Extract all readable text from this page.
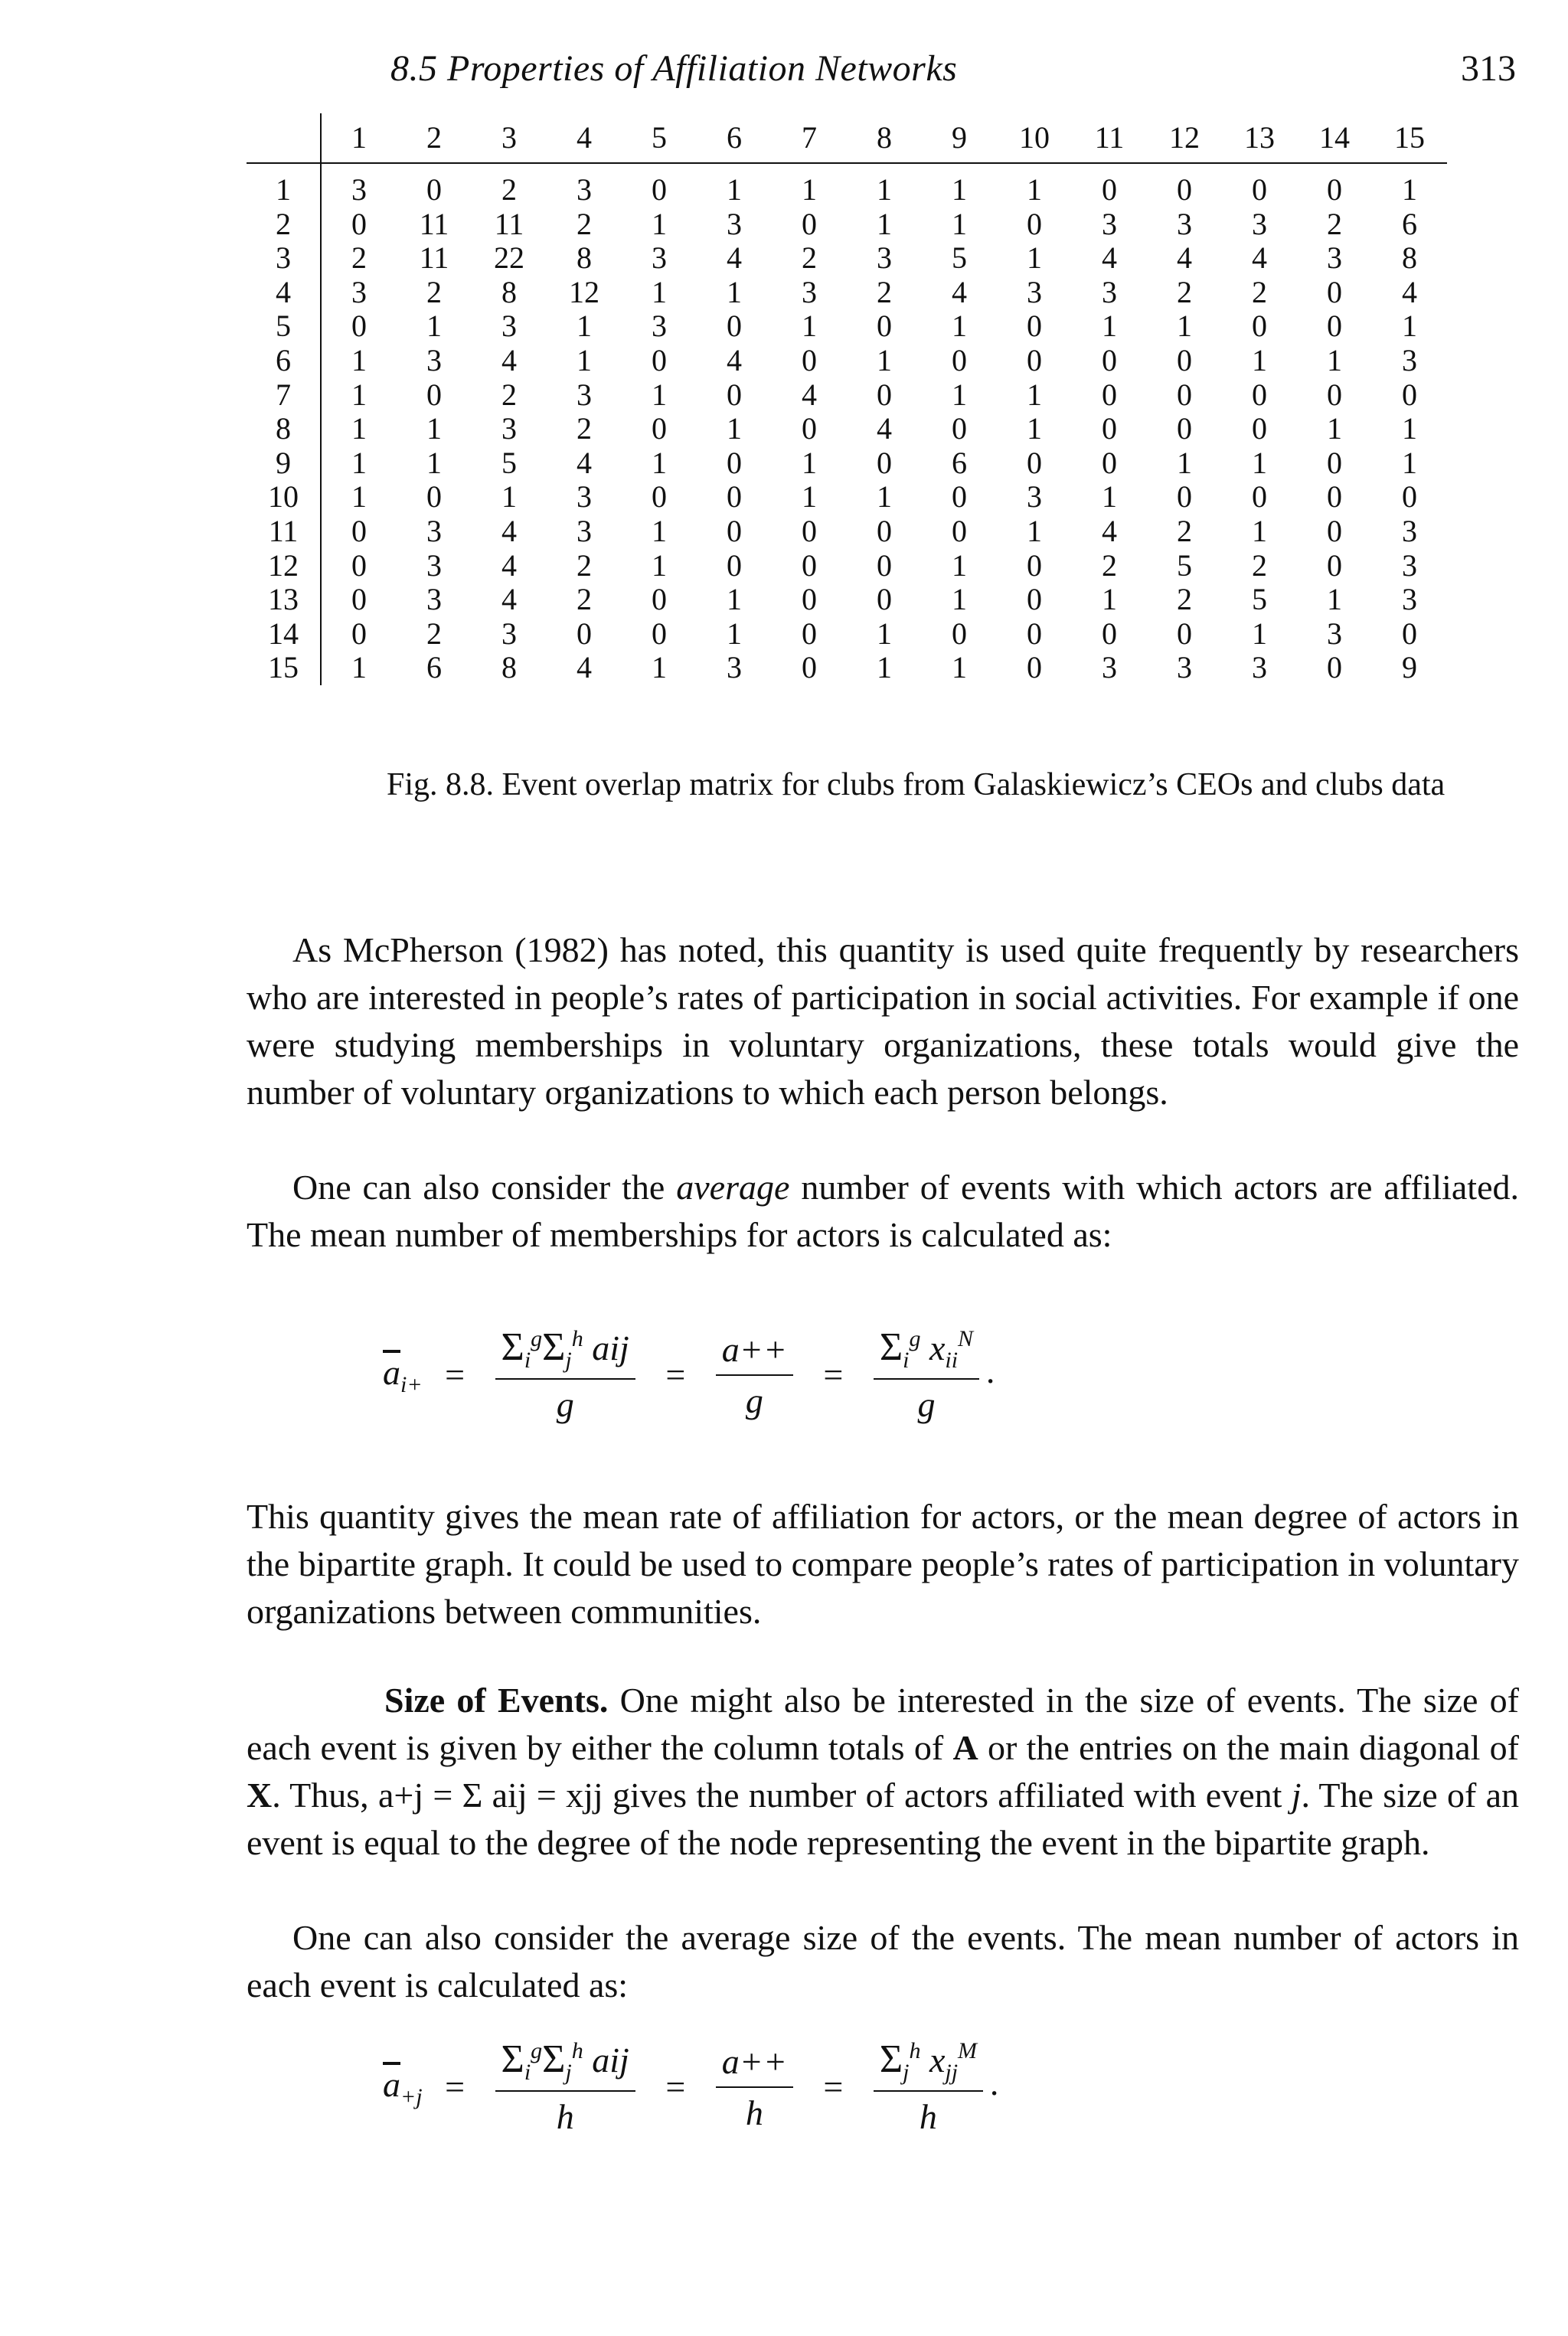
8.5 Properties of Affiliation Networks	313
	1	2	3	4	5	6	7	8	9	10	11	12	13	14	15
1	3	0	2	3	0	1	1	1	1	1	0	0	0	0	1
2	0	11	11	2	1	3	0	1	1	0	3	3	3	2	6
3	2	11	22	8	3	4	2	3	5	1	4	4	4	3	8
4	3	2	8	12	1	1	3	2	4	3	3	2	2	0	4
5	0	1	3	1	3	0	1	0	1	0	1	1	0	0	1
6	1	3	4	1	0	4	0	1	0	0	0	0	1	1	3
7	1	0	2	3	1	0	4	0	1	1	0	0	0	0	0
8	1	1	3	2	0	1	0	4	0	1	0	0	0	1	1
9	1	1	5	4	1	0	1	0	6	0	0	1	1	0	1
10	1	0	1	3	0	0	1	1	0	3	1	0	0	0	0
11	0	3	4	3	1	0	0	0	0	1	4	2	1	0	3
12	0	3	4	2	1	0	0	0	1	0	2	5	2	0	3
13	0	3	4	2	0	1	0	0	1	0	1	2	5	1	3
14	0	2	3	0	0	1	0	1	0	0	0	0	1	3	0
15	1	6	8	4	1	3	0	1	1	0	3	3	3	0	9
Fig. 8.8. Event overlap matrix for clubs from Galaskiewicz’s CEOs and clubs data

As McPherson (1982) has noted, this quantity is used quite frequently by researchers who are interested in people’s rates of participation in social activities. For example if one were studying memberships in voluntary organizations, these totals would give the number of voluntary organizations to which each person belongs.

One can also consider the average number of events with which actors are affiliated. The mean number of memberships for actors is calculated as:

$\overline{a}_{i+} = \frac{\Sigma_i^g\Sigma_j^h aij}{g} = \frac{a++}{g} = \frac{\Sigma_i^g x_{ii}^N}{g}$ .

This quantity gives the mean rate of affiliation for actors, or the mean degree of actors in the bipartite graph. It could be used to compare people’s rates of participation in voluntary organizations between communities.

Size of Events. One might also be interested in the size of events. The size of each event is given by either the column totals of A or the entries on the main diagonal of X. Thus, a+j = Σ aij = xjj gives the number of actors affiliated with event j. The size of an event is equal to the degree of the node representing the event in the bipartite graph.

One can also consider the average size of the events. The mean number of actors in each event is calculated as:

$\overline{a}_{+j} = \frac{\Sigma_i^g\Sigma_j^h aij}{h} = \frac{a++}{h} = \frac{\Sigma_j^h x_{jj}^M}{h}$ .
